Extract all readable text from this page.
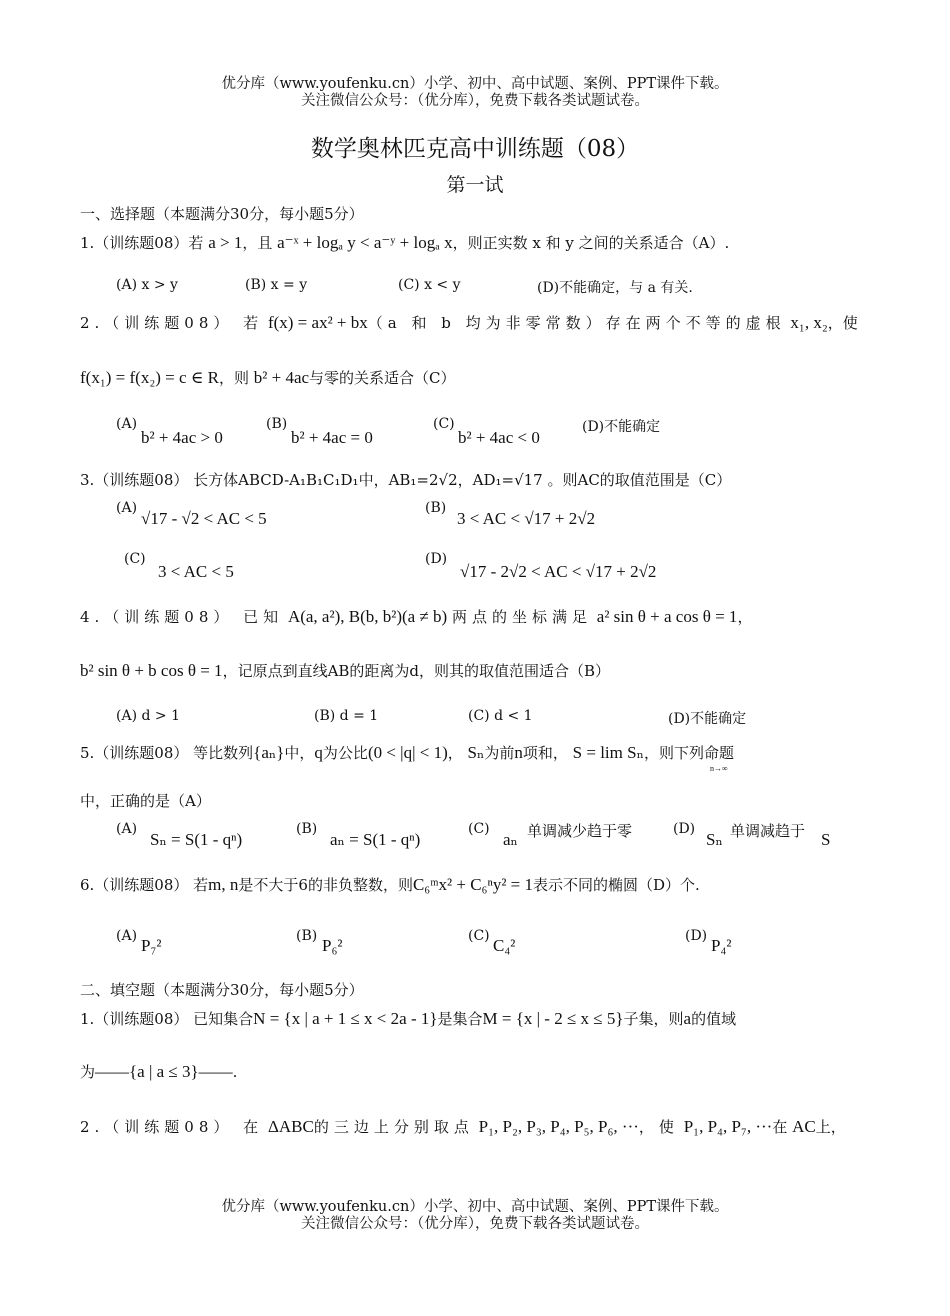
优分库（www.youfenku.cn）小学、初中、高中试题、案例、PPT课件下载。
关注微信公众号：（优分库），免费下载各类试题试卷。
数学奥林匹克高中训练题（08）
第一试
一、选择题（本题满分30分，每小题5分）
1.（训练题08）若 a > 1，且 a⁻ˣ + logₐ y < a⁻ʸ + logₐ x，则正实数 x 和 y 之间的关系适合（A）.
(A) x > y	(B) x = y	(C) x < y	(D)不能确定，与 a 有关.
2.（训练题08） 若 f(x) = ax² + bx（a 和 b 均为非零常数）存在两个不等的虚根 x₁, x₂，使
f(x₁) = f(x₂) = c ∈ R，则 b² + 4ac与零的关系适合（C）
(A)
b² + 4ac > 0
(B)
b² + 4ac = 0
(C)
b² + 4ac < 0
(D)不能确定
3.（训练题08） 长方体ABCD-A₁B₁C₁D₁中，AB₁=2√2，AD₁=√17 。则AC的取值范围是（C）
(A)
√17 - √2 < AC < 5
(B)
3 < AC < √17 + 2√2
(C)
3 < AC < 5
(D)
√17 - 2√2 < AC < √17 + 2√2
4.（训练题08） 已知 A(a, a²), B(b, b²)(a ≠ b) 两点的坐标满足 a² sin θ + a cos θ = 1，
b² sin θ + b cos θ = 1，记原点到直线AB的距离为d，则其的取值范围适合（B）
(A) d > 1	(B) d = 1	(C) d < 1	(D)不能确定
5.（训练题08） 等比数列{aₙ}中，q为公比(0 < |q| < 1)， Sₙ为前n项和， S = lim Sₙ，则下列命题
n→∞
中，正确的是（A）
(A)
Sₙ = S(1 - qⁿ)
(B)
aₙ = S(1 - qⁿ)
(C)
aₙ 单调减少趋于零	(D)
Sₙ 单调减趋于 S
6.（训练题08） 若m, n是不大于6的非负整数，则C₆ᵐx² + C₆ⁿy² = 1表示不同的椭圆（D）个.
(A) P₇²	(B) P₆²	(C) C₄²	(D) P₄²
二、填空题（本题满分30分，每小题5分）
1.（训练题08） 已知集合N = {x | a + 1 ≤ x < 2a - 1}是集合M = {x | - 2 ≤ x ≤ 5}子集，则a的值域
为——{a | a ≤ 3}——.
2.（训练题08） 在 ΔABC的三边上分别取点 P₁, P₂, P₃, P₄, P₅, P₆, ···，使 P₁, P₄, P₇, ···在 AC上，
优分库（www.youfenku.cn）小学、初中、高中试题、案例、PPT课件下载。
关注微信公众号：（优分库），免费下载各类试题试卷。
